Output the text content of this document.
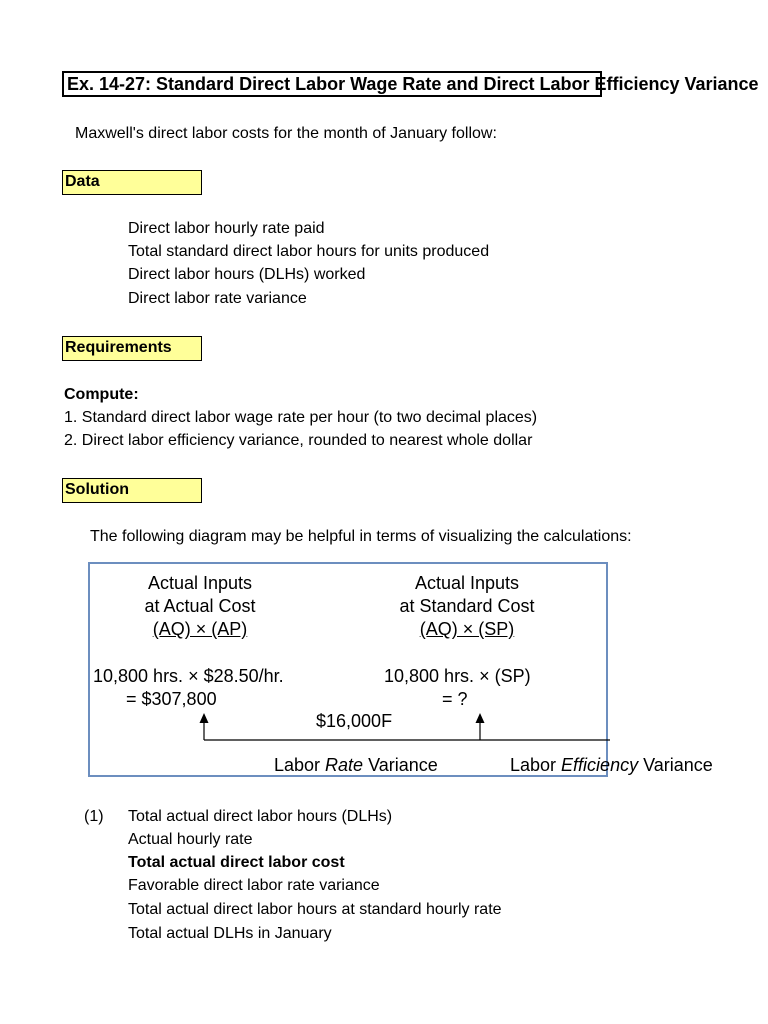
Ex. 14-27: Standard Direct Labor Wage Rate and Direct Labor Efficiency Variance
Maxwell's direct labor costs for the month of January follow:
Data
Direct labor hourly rate paid
Total standard direct labor hours for units produced
Direct labor hours (DLHs) worked
Direct labor rate variance
Requirements
Compute:
1. Standard direct labor wage rate per hour (to two decimal places)
2. Direct labor efficiency variance, rounded to nearest whole dollar
Solution
The following diagram may be helpful in terms of visualizing the calculations:
Actual Inputs
at Actual Cost
(AQ) × (AP)
10,800 hrs. × $28.50/hr.
= $307,800
Actual Inputs
at Standard Cost
(AQ) × (SP)
10,800 hrs. × (SP)
= ?
$16,000F
Labor Rate Variance	Labor Efficiency Variance
(1) Total actual direct labor hours (DLHs)
Actual hourly rate
Total actual direct labor cost
Favorable direct labor rate variance
Total actual direct labor hours at standard hourly rate
Total actual DLHs in January
